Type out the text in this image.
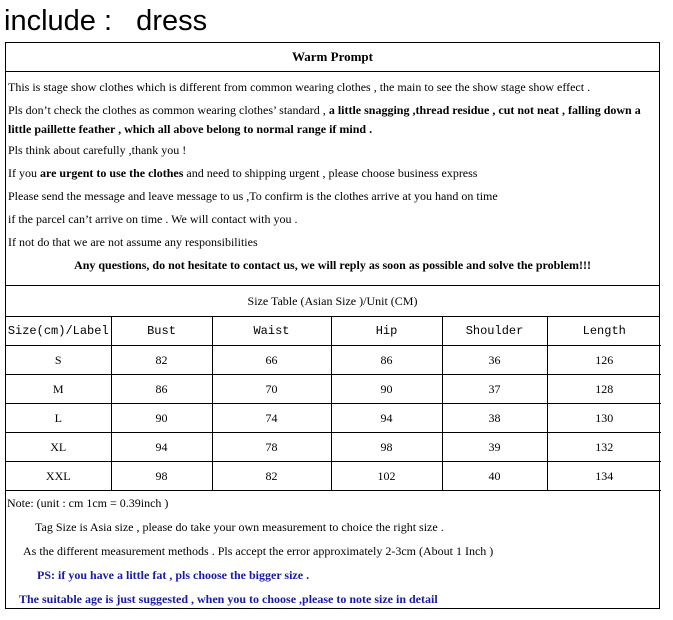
include :   dress
Warm Prompt
This is stage show clothes which is different from common wearing clothes , the main to see the show stage show effect .
Pls don’t check the clothes as common wearing clothes’ standard , a little snagging ,thread residue , cut not neat , falling down a little paillette feather , which all above belong to normal range if mind .
Pls think about carefully ,thank you !
If you are urgent to use the clothes and need to shipping urgent , please choose business express
Please send the message and leave message to us ,To confirm is the clothes arrive at you hand on time
if the parcel can’t arrive on time . We will contact with you .
If not do that we are not assume any responsibilities
Any questions, do not hesitate to contact us, we will reply as soon as possible and solve the problem!!!
Size Table (Asian Size )/Unit (CM)
Size(cm)/Label	Bust	Waist	Hip	Shoulder	Length
S	82	66	86	36	126
M	86	70	90	37	128
L	90	74	94	38	130
XL	94	78	98	39	132
XXL	98	82	102	40	134
Note: (unit : cm 1cm = 0.39inch )
Tag Size is Asia size , please do take your own measurement to choice the right size .
As the different measurement methods . Pls accept the error approximately 2-3cm (About 1 Inch )
PS: if you have a little fat , pls choose the bigger size .
The suitable age is just suggested , when you to choose ,please to note size in detail
